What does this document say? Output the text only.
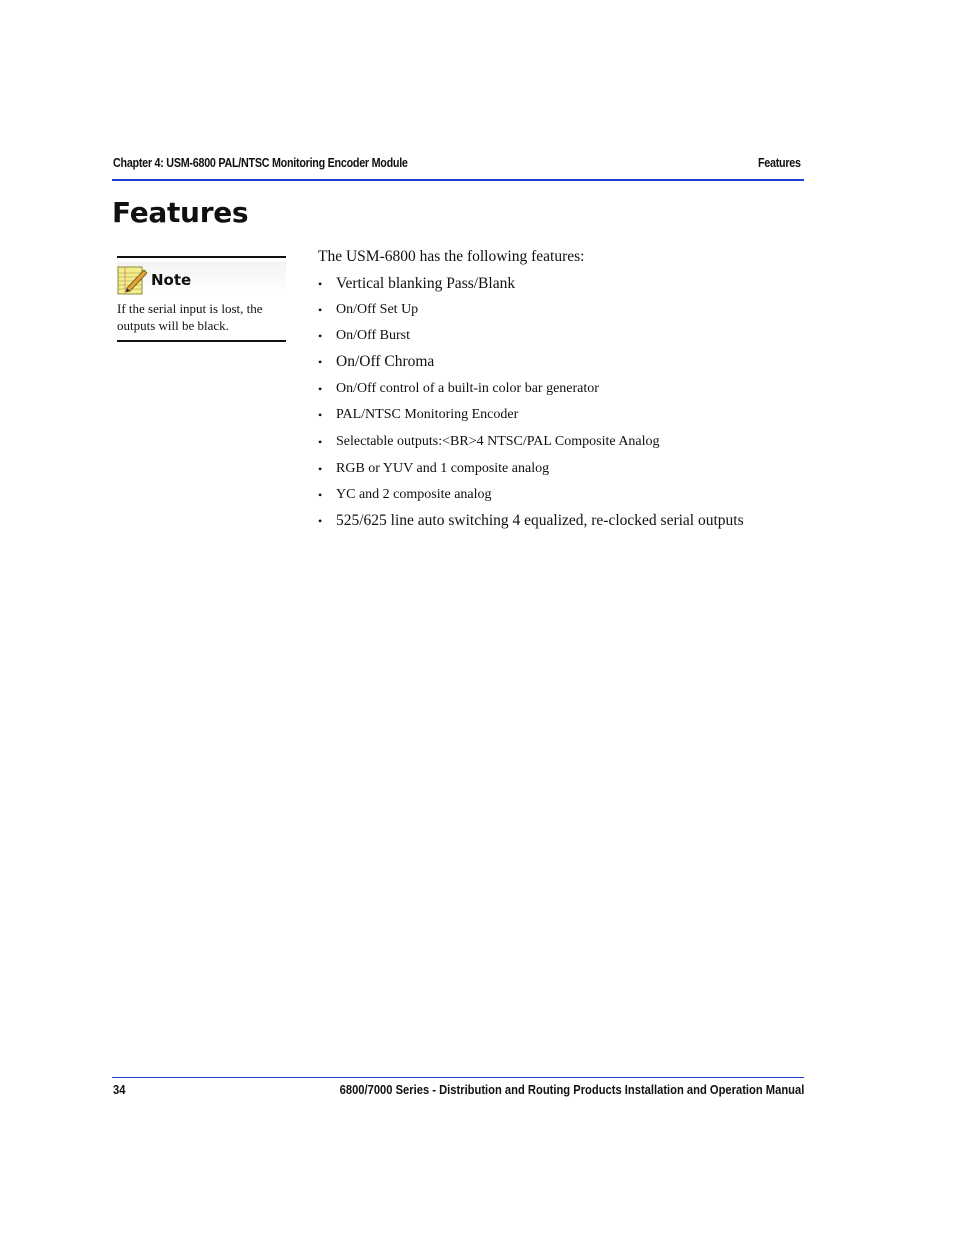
Chapter 4: USM-6800 PAL/NTSC Monitoring Encoder Module	Features
Features
Note
If the serial input is lost, the outputs will be black.
The USM-6800 has the following features:
• Vertical blanking Pass/Blank
• On/Off Set Up
• On/Off Burst
• On/Off Chroma
• On/Off control of a built-in color bar generator
• PAL/NTSC Monitoring Encoder
• Selectable outputs:<BR>4 NTSC/PAL Composite Analog
• RGB or YUV and 1 composite analog
• YC and 2 composite analog
• 525/625 line auto switching 4 equalized, re-clocked serial outputs
34	6800/7000 Series - Distribution and Routing Products Installation and Operation Manual
